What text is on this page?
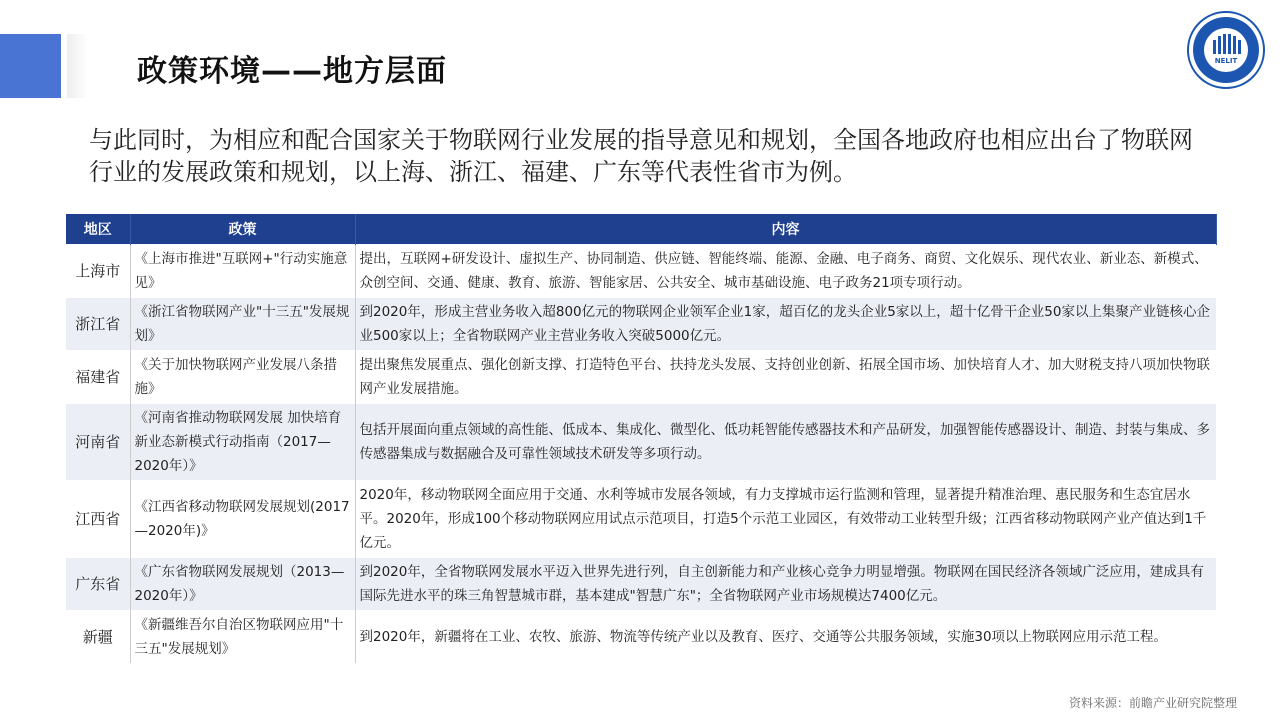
政策环境——地方层面	NELIT
与此同时，为相应和配合国家关于物联网行业发展的指导意见和规划，全国各地政府也相应出台了物联网行业的发展政策和规划，以上海、浙江、福建、广东等代表性省市为例。
地区	政策	内容
上海市	《上海市推进"互联网+"行动实施意见》	提出，互联网+研发设计、虚拟生产、协同制造、供应链、智能终端、能源、金融、电子商务、商贸、文化娱乐、现代农业、新业态、新模式、众创空间、交通、健康、教育、旅游、智能家居、公共安全、城市基础设施、电子政务21项专项行动。
浙江省	《浙江省物联网产业"十三五"发展规划》	到2020年，形成主营业务收入超800亿元的物联网企业领军企业1家，超百亿的龙头企业5家以上，超十亿骨干企业50家以上集聚产业链核心企业500家以上；全省物联网产业主营业务收入突破5000亿元。
福建省	《关于加快物联网产业发展八条措施》	提出聚焦发展重点、强化创新支撑、打造特色平台、扶持龙头发展、支持创业创新、拓展全国市场、加快培育人才、加大财税支持八项加快物联网产业发展措施。
河南省	《河南省推动物联网发展 加快培育新业态新模式行动指南（2017—2020年）》	包括开展面向重点领域的高性能、低成本、集成化、微型化、低功耗智能传感器技术和产品研发，加强智能传感器设计、制造、封装与集成、多传感器集成与数据融合及可靠性领域技术研发等多项行动。
江西省	《江西省移动物联网发展规划(2017—2020年)》	2020年，移动物联网全面应用于交通、水利等城市发展各领域，有力支撑城市运行监测和管理，显著提升精准治理、惠民服务和生态宜居水平。2020年，形成100个移动物联网应用试点示范项目，打造5个示范工业园区，有效带动工业转型升级；江西省移动物联网产业产值达到1千亿元。
广东省	《广东省物联网发展规划（2013—2020年）》	到2020年，全省物联网发展水平迈入世界先进行列，自主创新能力和产业核心竞争力明显增强。物联网在国民经济各领域广泛应用，建成具有国际先进水平的珠三角智慧城市群，基本建成"智慧广东"；全省物联网产业市场规模达7400亿元。
新疆	《新疆维吾尔自治区物联网应用"十三五"发展规划》	到2020年，新疆将在工业、农牧、旅游、物流等传统产业以及教育、医疗、交通等公共服务领域，实施30项以上物联网应用示范工程。
资料来源：前瞻产业研究院整理
